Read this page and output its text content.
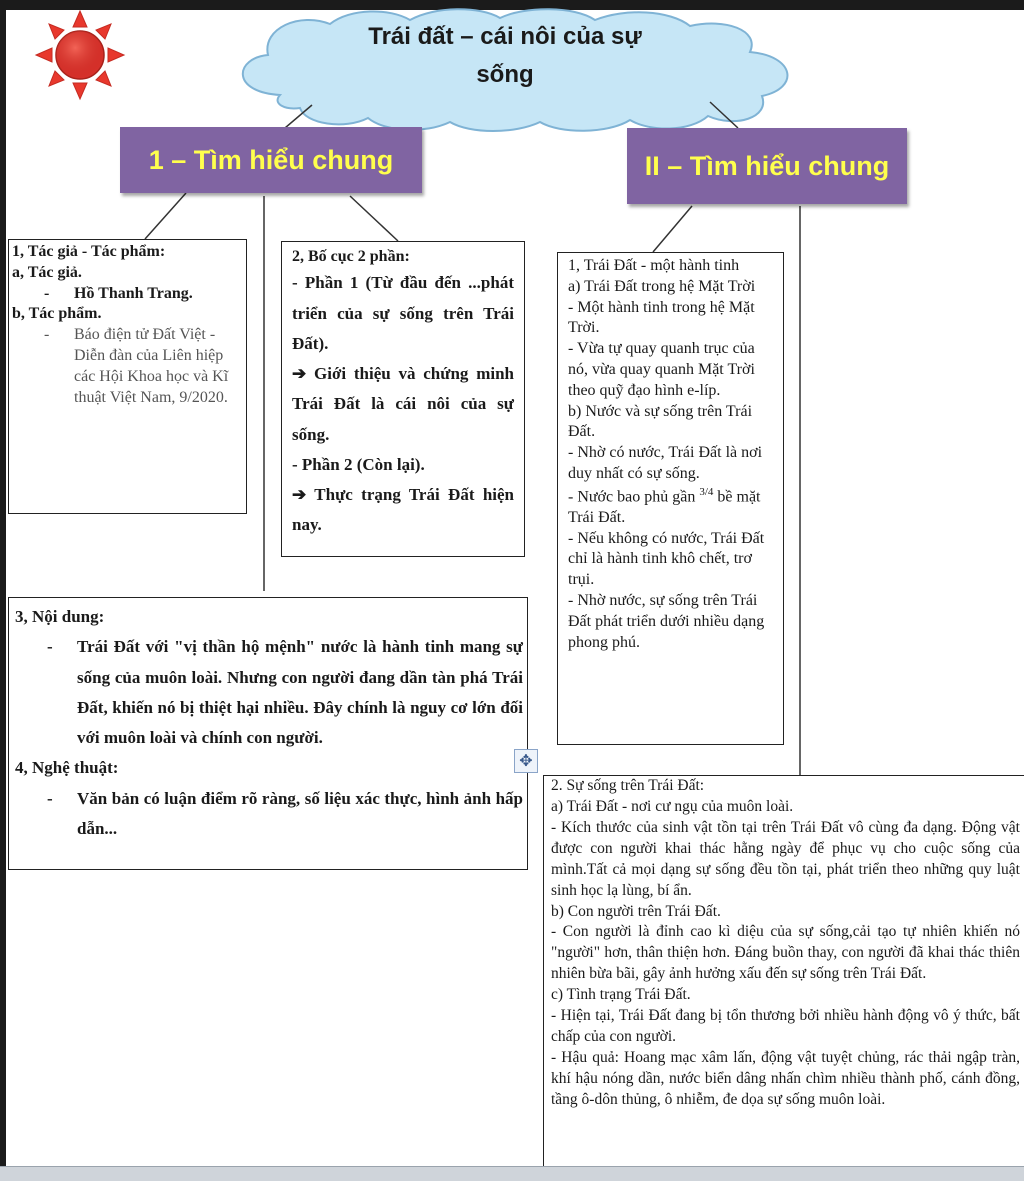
Trái đất – cái nôi của sự
sống
1 – Tìm hiểu chung	II – Tìm hiểu chung

1, Tác giả - Tác phẩm:

a, Tác giả.

- Hồ Thanh Trang.

b, Tác phẩm.

- Báo điện tử Đất Việt - Diễn đàn của Liên hiệp các Hội Khoa học và Kĩ thuật Việt Nam, 9/2020.

2, Bố cục 2 phần:

- Phần 1 (Từ đầu đến ...phát triển của sự sống trên Trái Đất).

➔ Giới thiệu và chứng minh Trái Đất là cái nôi của sự sống.

- Phần 2 (Còn lại).

➔ Thực trạng Trái Đất hiện nay.

1, Trái Đất - một hành tinh

a) Trái Đất trong hệ Mặt Trời

- Một hành tinh trong hệ Mặt Trời.

- Vừa tự quay quanh trục của nó, vừa quay quanh Mặt Trời theo quỹ đạo hình e-líp.

b) Nước và sự sống trên Trái Đất.

- Nhờ có nước, Trái Đất là nơi duy nhất có sự sống.

- Nước bao phủ gần $^{3/4}$ bề mặt Trái Đất.

- Nếu không có nước, Trái Đất chỉ là hành tinh khô chết, trơ trụi.

- Nhờ nước, sự sống trên Trái Đất phát triển dưới nhiều dạng phong phú.

3, Nội dung:

- Trái Đất với "vị thần hộ mệnh" nước là hành tinh mang sự sống của muôn loài. Nhưng con người đang dần tàn phá Trái Đất, khiến nó bị thiệt hại nhiều. Đây chính là nguy cơ lớn đối với muôn loài và chính con người.

4, Nghệ thuật:

- Văn bản có luận điểm rõ ràng, số liệu xác thực, hình ảnh hấp dẫn...

✥

2. Sự sống trên Trái Đất:

a) Trái Đất - nơi cư ngụ của muôn loài.

- Kích thước của sinh vật tồn tại trên Trái Đất vô cùng đa dạng. Động vật được con người khai thác hằng ngày để phục vụ cho cuộc sống của mình.Tất cả mọi dạng sự sống đều tồn tại, phát triển theo những quy luật sinh học lạ lùng, bí ẩn.

b) Con người trên Trái Đất.

- Con người là đỉnh cao kì diệu của sự sống,cải tạo tự nhiên khiến nó "người" hơn, thân thiện hơn. Đáng buồn thay, con người đã khai thác thiên nhiên bừa bãi, gây ảnh hưởng xấu đến sự sống trên Trái Đất.

c) Tình trạng Trái Đất.

- Hiện tại, Trái Đất đang bị tổn thương bởi nhiều hành động vô ý thức, bất chấp của con người.

- Hậu quả: Hoang mạc xâm lấn, động vật tuyệt chủng, rác thải ngập tràn, khí hậu nóng dần, nước biển dâng nhấn chìm nhiều thành phố, cánh đồng, tầng ô-dôn thủng, ô nhiễm, đe dọa sự sống muôn loài.
